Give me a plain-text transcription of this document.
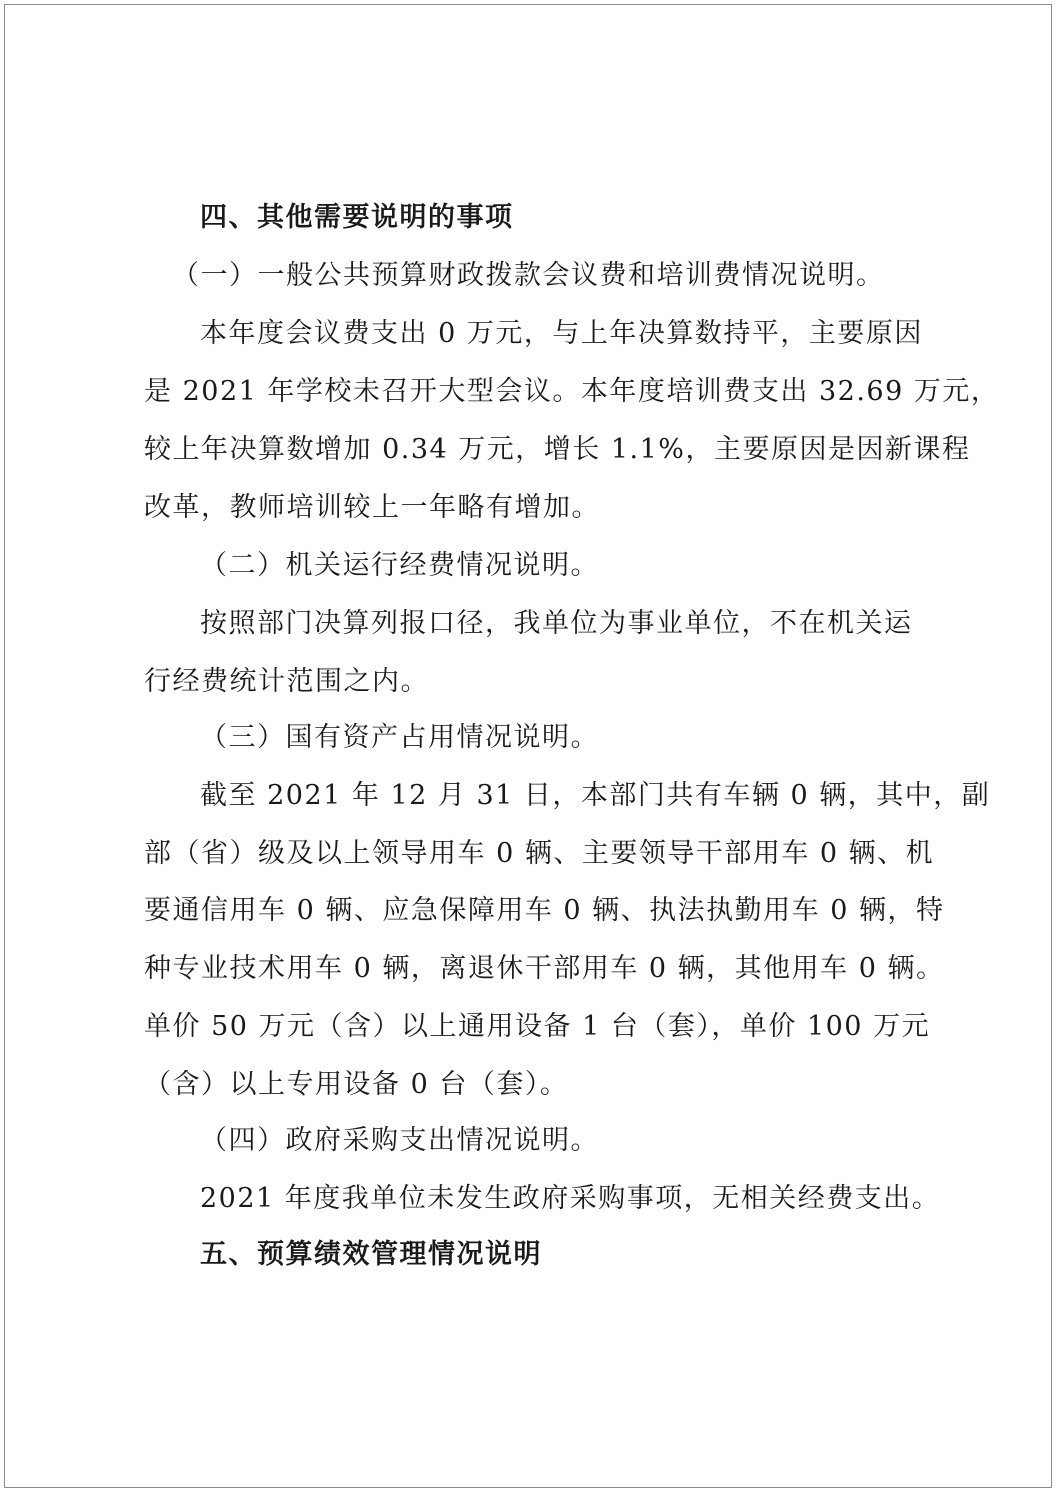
四、其他需要说明的事项
（一）一般公共预算财政拨款会议费和培训费情况说明。
本年度会议费支出 0 万元，与上年决算数持平，主要原因
是 2021 年学校未召开大型会议。本年度培训费支出 32.69 万元，
较上年决算数增加 0.34 万元，增长 1.1%，主要原因是因新课程
改革，教师培训较上一年略有增加。
（二）机关运行经费情况说明。
按照部门决算列报口径，我单位为事业单位，不在机关运
行经费统计范围之内。
（三）国有资产占用情况说明。
截至 2021 年 12 月 31 日，本部门共有车辆 0 辆，其中，副
部（省）级及以上领导用车 0 辆、主要领导干部用车 0 辆、机
要通信用车 0 辆、应急保障用车 0 辆、执法执勤用车 0 辆，特
种专业技术用车 0 辆，离退休干部用车 0 辆，其他用车 0 辆。
单价 50 万元（含）以上通用设备 1 台（套），单价 100 万元
（含）以上专用设备 0 台（套）。
（四）政府采购支出情况说明。
2021 年度我单位未发生政府采购事项，无相关经费支出。
五、预算绩效管理情况说明
